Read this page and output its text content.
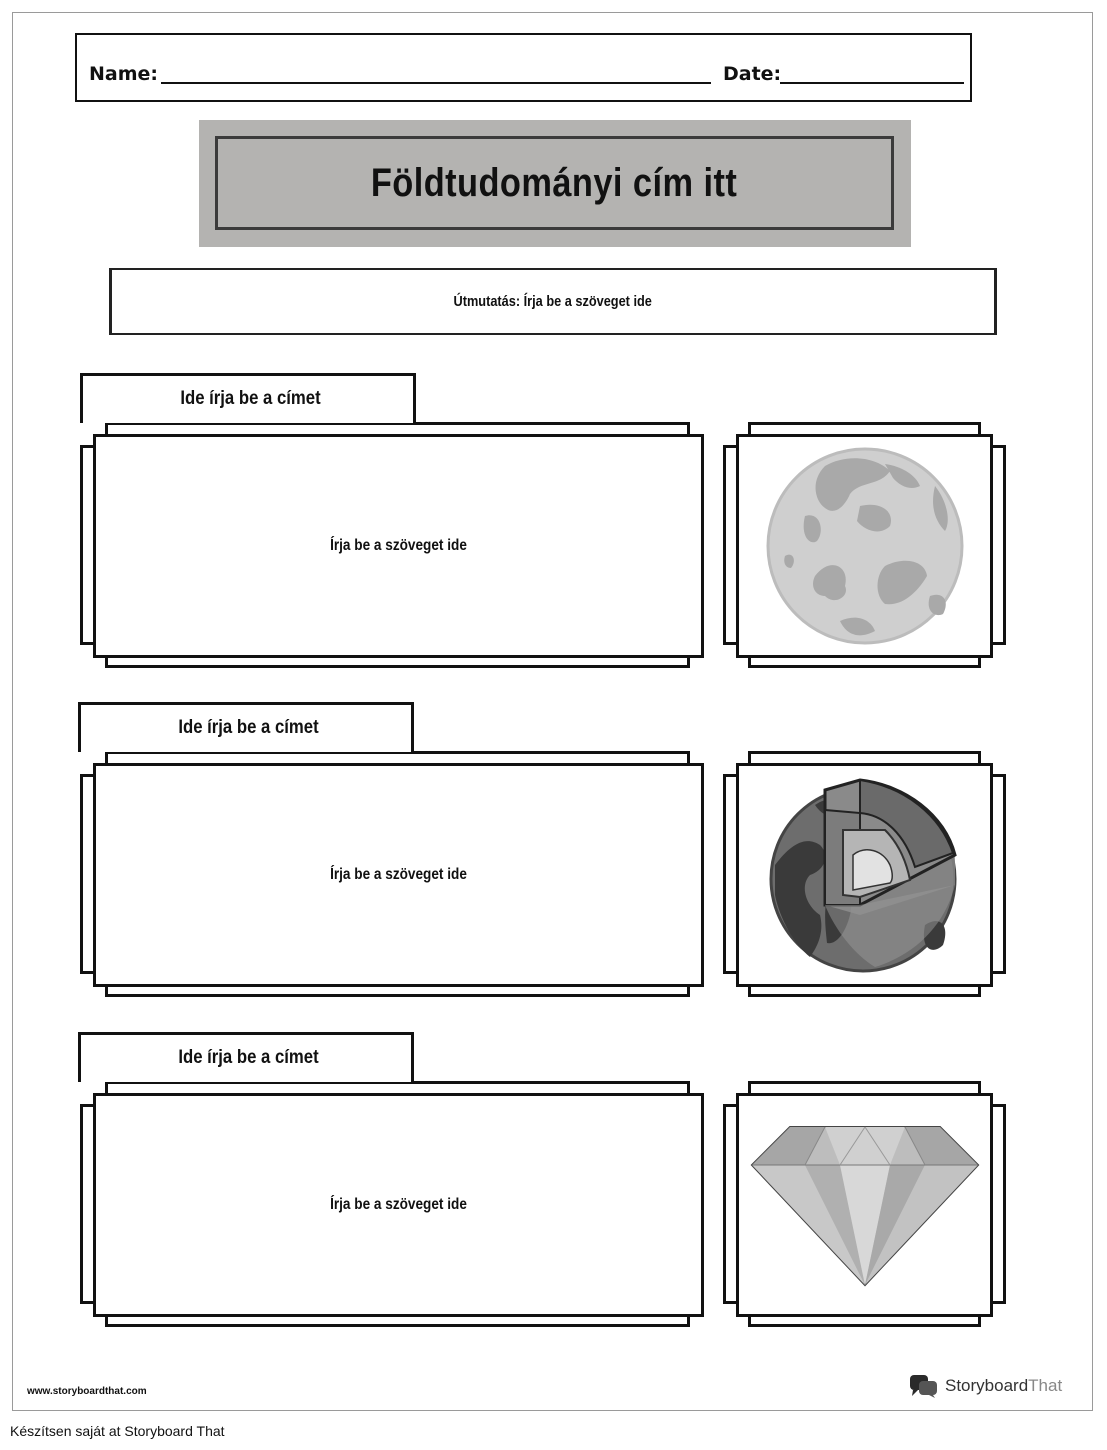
Name:	Date:
Földtudományi cím itt
Útmutatás: Írja be a szöveget ide
Ide írja be a címet
Írja be a szöveget ide
Ide írja be a címet
Írja be a szöveget ide
Ide írja be a címet
Írja be a szöveget ide
www.storyboardthat.com	StoryboardThat
Készítsen saját at Storyboard That
